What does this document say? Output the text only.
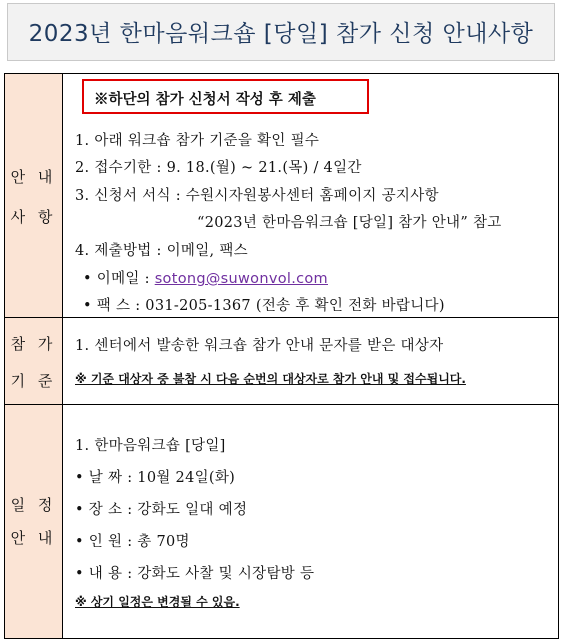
2023년 한마음워크숍 [당일] 참가 신청 안내사항
안 내
사 항
※하단의 참가 신청서 작성 후 제출
1. 아래 워크숍 참가 기준을 확인 필수
2. 접수기한 : 9. 18.(월) ~ 21.(목) / 4일간
3. 신청서 서식 : 수원시자원봉사센터 홈페이지 공지사항
“2023년 한마음워크숍 [당일] 참가 안내” 참고
4. 제출방법 : 이메일, 팩스
• 이메일 : sotong@suwonvol.com
• 팩 스 : 031-205-1367 (전송 후 확인 전화 바랍니다)
참 가
기 준
1. 센터에서 발송한 워크숍 참가 안내 문자를 받은 대상자
※ 기준 대상자 중 불참 시 다음 순번의 대상자로 참가 안내 및 접수됩니다.
일 정
안 내
1. 한마음워크숍 [당일]
• 날 짜 : 10월 24일(화)
• 장 소 : 강화도 일대 예정
• 인 원 : 총 70명
• 내 용 : 강화도 사찰 및 시장탐방 등
※ 상기 일정은 변경될 수 있음.
